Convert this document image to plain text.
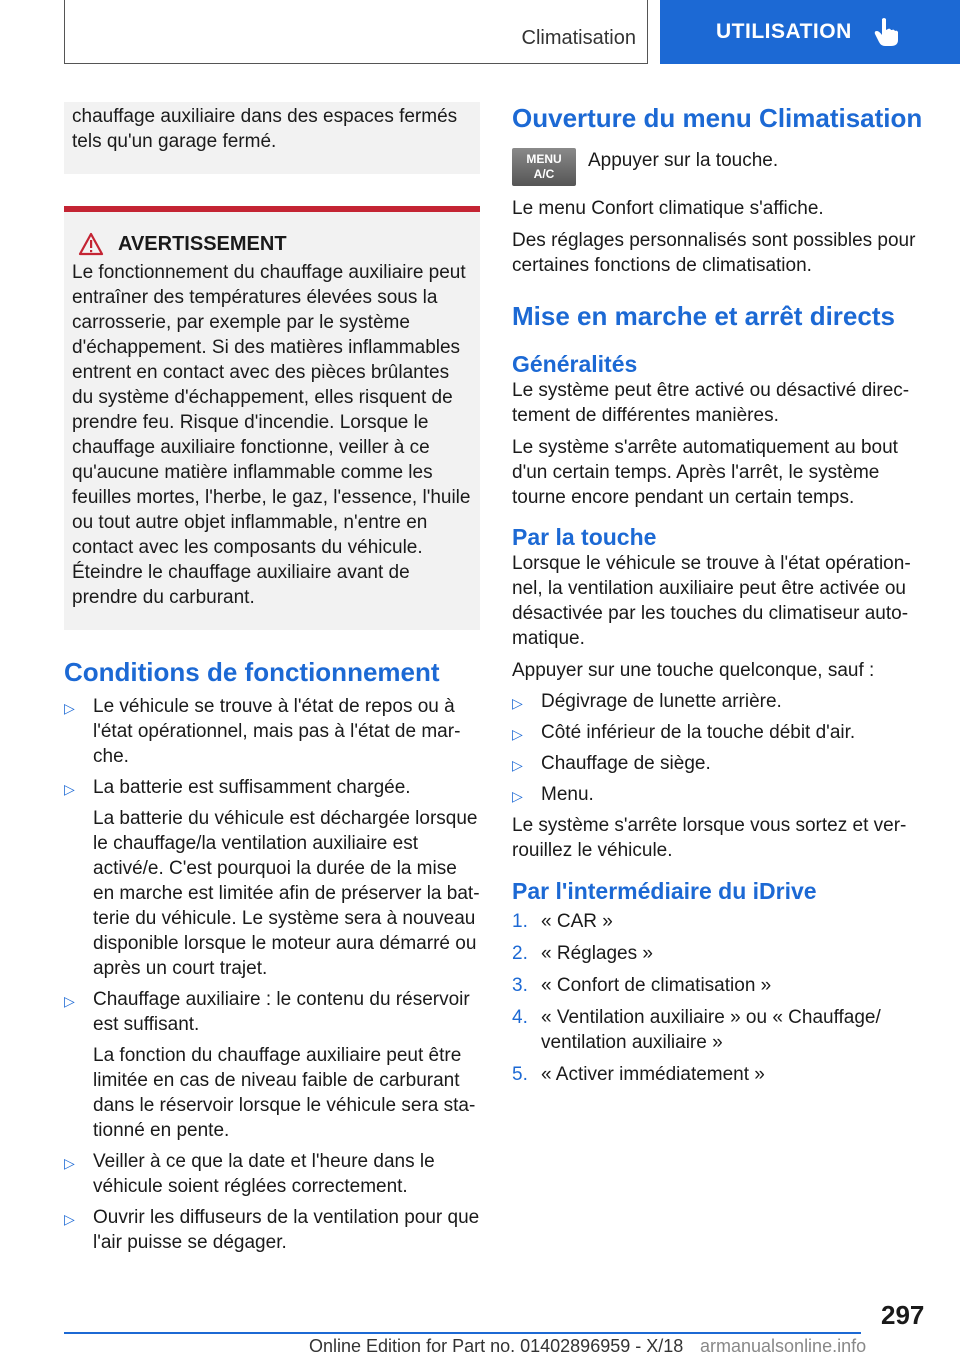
Climatisation	UTILISATION

chauffage auxiliaire dans des espaces fermés tels qu'un garage fermé.

AVERTISSEMENT

Le fonctionnement du chauffage auxiliaire peut entraîner des températures élevées sous la carrosserie, par exemple par le système d'échappement. Si des matières inflammables entrent en contact avec des pièces brûlantes du système d'échappement, elles risquent de prendre feu. Risque d'incendie. Lorsque le chauffage auxiliaire fonctionne, veiller à ce qu'aucune matière inflammable comme les feuilles mortes, l'herbe, le gaz, l'essence, l'huile ou tout autre objet inflammable, n'entre en contact avec les composants du véhicule. Éteindre le chauffage auxiliaire avant de prendre du carburant.

Conditions de fonctionnement
▷ Le véhicule se trouve à l'état de repos ou à l'état opérationnel, mais pas à l'état de marche.

▷ La batterie est suffisamment chargée.

La batterie du véhicule est déchargée lorsque le chauffage/la ventilation auxiliaire est activé/e. C'est pourquoi la durée de la mise en marche est limitée afin de préserver la batterie du véhicule. Le système sera à nouveau disponible lorsque le moteur aura démarré ou après un court trajet.

▷ Chauffage auxiliaire : le contenu du réservoir est suffisant.

La fonction du chauffage auxiliaire peut être limitée en cas de niveau faible de carburant dans le réservoir lorsque le véhicule sera stationné en pente.

▷ Veiller à ce que la date et l'heure dans le véhicule soient réglées correctement.

▷ Ouvrir les diffuseurs de la ventilation pour que l'air puisse se dégager.

Ouverture du menu Climatisation
MENU
A/C

Appuyer sur la touche.

Le menu Confort climatique s'affiche.

Des réglages personnalisés sont possibles pour certaines fonctions de climatisation.

Mise en marche et arrêt directs
Généralités

Le système peut être activé ou désactivé directement de différentes manières.

Le système s'arrête automatiquement au bout d'un certain temps. Après l'arrêt, le système tourne encore pendant un certain temps.

Par la touche

Lorsque le véhicule se trouve à l'état opérationnel, la ventilation auxiliaire peut être activée ou désactivée par les touches du climatiseur automatique.

Appuyer sur une touche quelconque, sauf :

▷ Dégivrage de lunette arrière.

▷ Côté inférieur de la touche débit d'air.

▷ Chauffage de siège.

▷ Menu.

Le système s'arrête lorsque vous sortez et verrouillez le véhicule.

Par l'intermédiaire du iDrive
1. « CAR »

2. « Réglages »

3. « Confort de climatisation »

4. « Ventilation auxiliaire » ou « Chauffage/ ventilation auxiliaire »

5. « Activer immédiatement »

297
Online Edition for Part no. 01402896959 - X/18 armanualsonline.info
